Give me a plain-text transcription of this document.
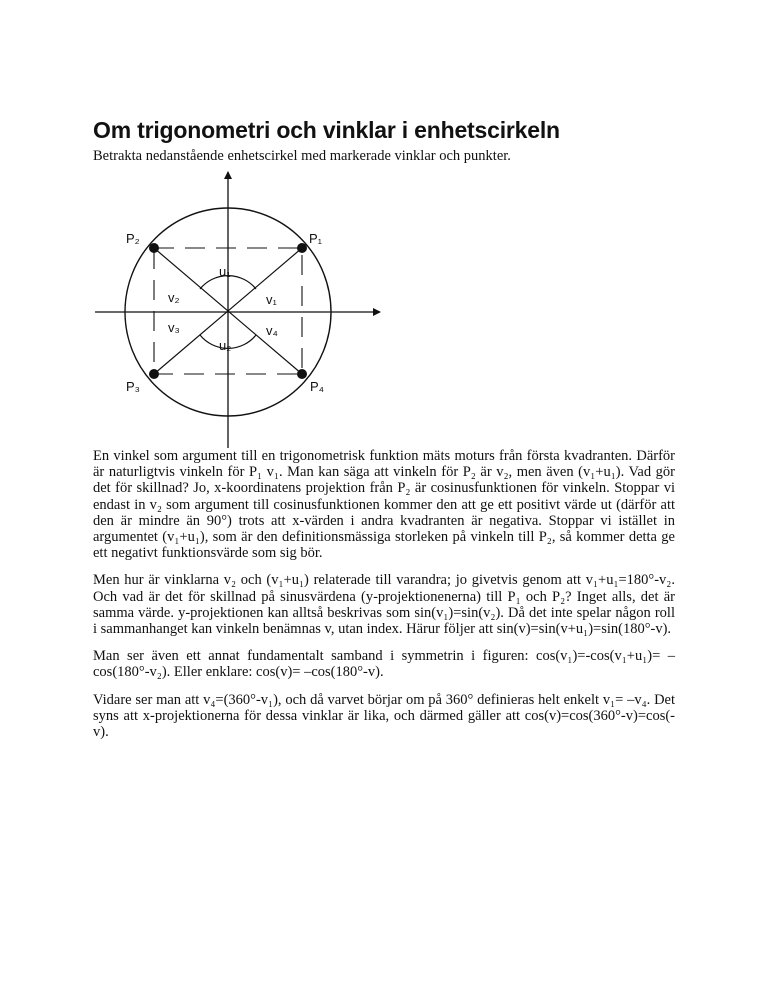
Om trigonometri och vinklar i enhetscirkeln

Betrakta nedanstående enhetscirkel med markerade vinklar och punkter.

P₁
P₂
P₃	P₄
u₁
u₂
v₁
v₂
v₃	v₄

En vinkel som argument till en trigonometrisk funktion mäts moturs från första kvadranten. Därför är naturligtvis vinkeln för P₁ v₁. Man kan säga att vinkeln för P₂ är v₂, men även (v₁+u₁). Vad gör det för skillnad? Jo, x-koordinatens projektion från P₂ är cosinusfunktionen för vinkeln. Stoppar vi endast in v₂ som argument till cosinusfunktionen kommer den att ge ett positivt värde ut (därför att den är mindre än 90°) trots att x-värden i andra kvadranten är negativa. Stoppar vi istället in argumentet (v₁+u₁), som är den definitionsmässiga storleken på vinkeln till P₂, så kommer detta ge ett negativt funktionsvärde som sig bör.

Men hur är vinklarna v₂ och (v₁+u₁) relaterade till varandra; jo givetvis genom att v₁+u₁=180°-v₂. Och vad är det för skillnad på sinusvärdena (y-projektionenerna) till P₁ och P₂? Inget alls, det är samma värde. y-projektionen kan alltså beskrivas som sin(v₁)=sin(v₂). Då det inte spelar någon roll i sammanhanget kan vinkeln benämnas v, utan index. Härur följer att sin(v)=sin(v+u₁)=sin(180°-v).

Man ser även ett annat fundamentalt samband i symmetrin i figuren: cos(v₁)=-cos(v₁+u₁)= –cos(180°-v₂). Eller enklare: cos(v)= –cos(180°-v).

Vidare ser man att v₄=(360°-v₁), och då varvet börjar om på 360° definieras helt enkelt v₁= –v₄. Det syns att x-projektionerna för dessa vinklar är lika, och därmed gäller att cos(v)=cos(360°-v)=cos(-v).
